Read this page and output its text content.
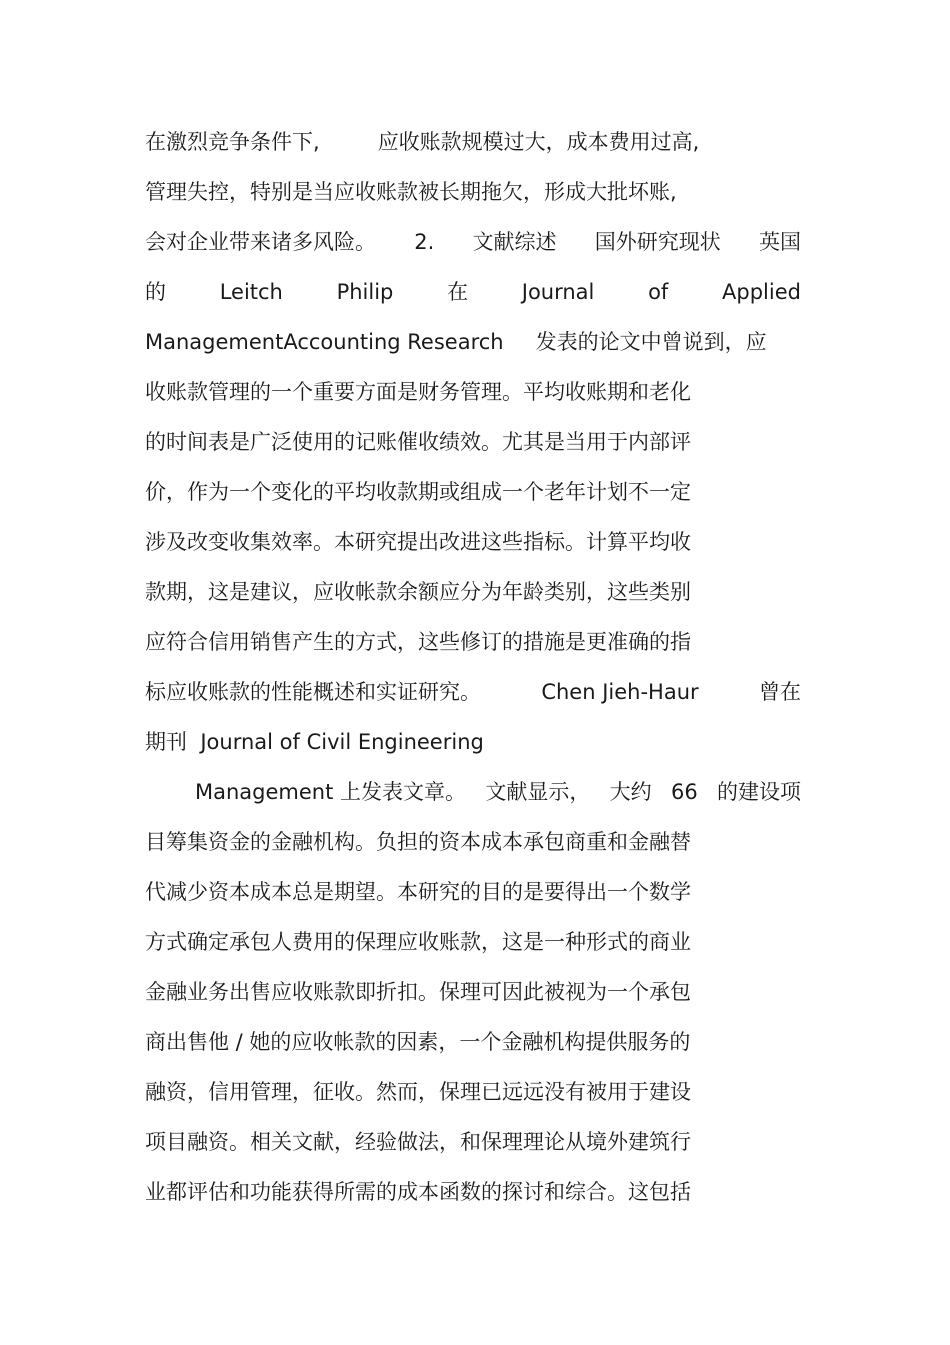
在激烈竞争条件下,	应收账款规模过大，成本费用过高,
管理失控，特别是当应收账款被长期拖欠，形成大批坏账,
会对企业带来诸多风险。 2. 文献综述 国外研究现状 英国
的	Leitch	Philip	在	Journal	of	Applied
ManagementAccounting Research 发表的论文中曾说到，应
收账款管理的一个重要方面是财务管理。平均收账期和老化
的时间表是广泛使用的记账催收绩效。尤其是当用于内部评
价，作为一个变化的平均收款期或组成一个老年计划不一定
涉及改变收集效率。本研究提出改进这些指标。计算平均收
款期，这是建议，应收帐款余额应分为年龄类别，这些类别
应符合信用销售产生的方式，这些修订的措施是更准确的指
标应收账款的性能概述和实证研究。	Chen Jieh-Haur	曾在
期刊  Journal of Civil Engineering
Management 上发表文章。 文献显示， 大约 66 的建设项
目筹集资金的金融机构。负担的资本成本承包商重和金融替
代减少资本成本总是期望。本研究的目的是要得出一个数学
方式确定承包人费用的保理应收账款，这是一种形式的商业
金融业务出售应收账款即折扣。保理可因此被视为一个承包
商出售他 / 她的应收帐款的因素，一个金融机构提供服务的
融资，信用管理，征收。然而，保理已远远没有被用于建设
项目融资。相关文献，经验做法，和保理理论从境外建筑行
业都评估和功能获得所需的成本函数的探讨和综合。这包括
